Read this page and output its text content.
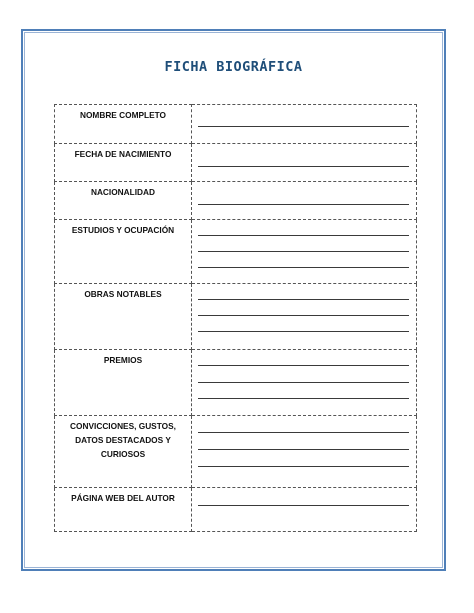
FICHA BIOGRÁFICA
NOMBRE COMPLETO	

FECHA DE NACIMIENTO	

NACIONALIDAD	

ESTUDIOS Y OCUPACIÓN	

OBRAS NOTABLES	

PREMIOS	

CONVICCIONES, GUSTOS, DATOS DESTACADOS Y CURIOSOS	

PÁGINA WEB DEL AUTOR	
